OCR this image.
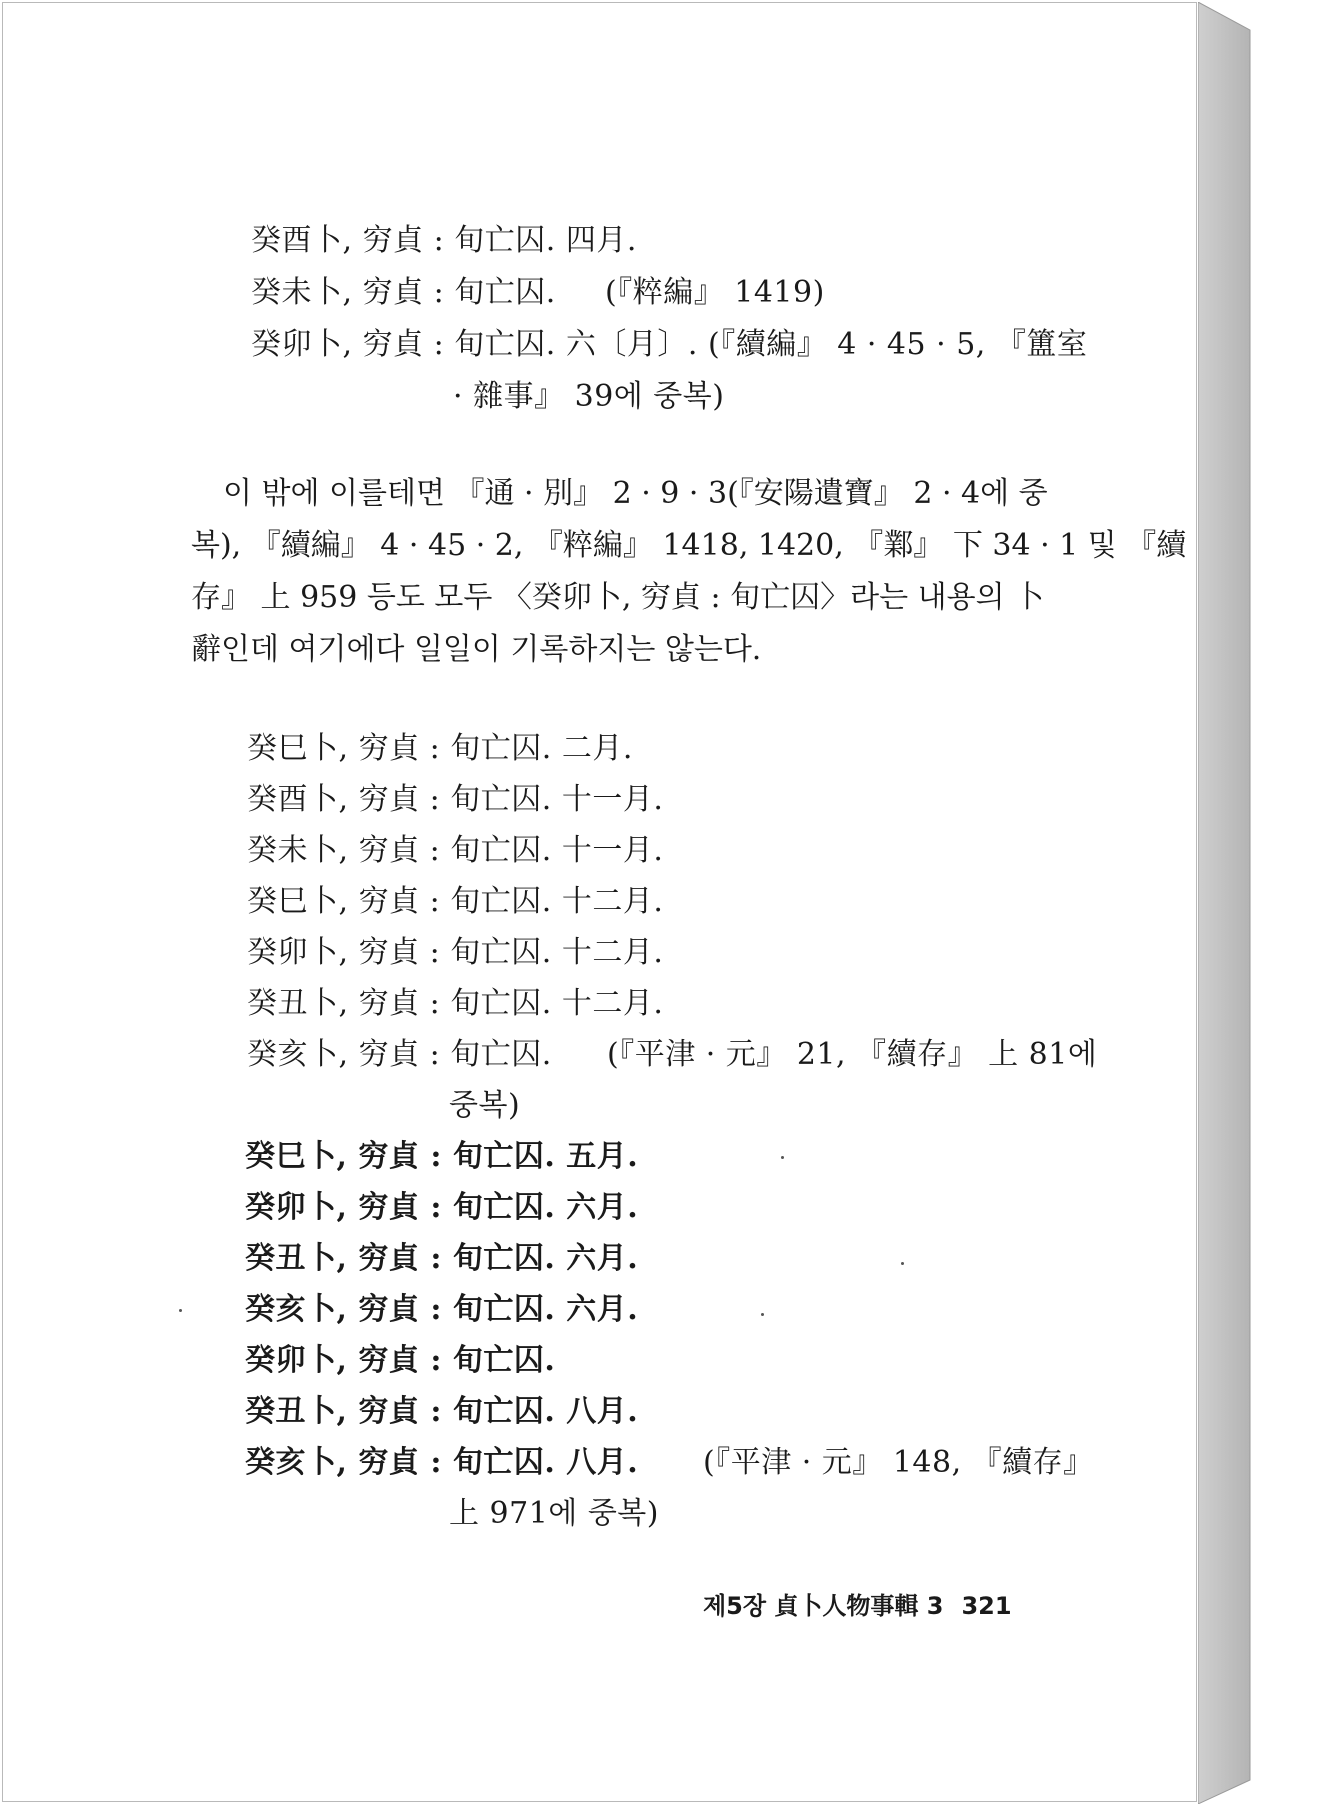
癸酉卜, 穷貞 : 旬亡囚. 四月.
癸未卜, 穷貞 : 旬亡囚. (『粹編』 1419)
癸卯卜, 穷貞 : 旬亡囚. 六〔月〕. (『續編』 4 · 45 · 5, 『簠室
· 雜事』 39에 중복)
이 밖에 이를테면 『通 · 別』 2 · 9 · 3(『安陽遺寶』 2 · 4에 중
복), 『續編』 4 · 45 · 2, 『粹編』 1418, 1420, 『鄴』 下 34 · 1 및 『續
存』 上 959 등도 모두 〈癸卯卜, 穷貞 : 旬亡囚〉라는 내용의 卜
辭인데 여기에다 일일이 기록하지는 않는다.
癸巳卜, 穷貞 : 旬亡囚. 二月.
癸酉卜, 穷貞 : 旬亡囚. 十一月.
癸未卜, 穷貞 : 旬亡囚. 十一月.
癸巳卜, 穷貞 : 旬亡囚. 十二月.
癸卯卜, 穷貞 : 旬亡囚. 十二月.
癸丑卜, 穷貞 : 旬亡囚. 十二月.
癸亥卜, 穷貞 : 旬亡囚. (『平津 · 元』 21, 『續存』 上 81에
중복)
癸巳卜, 穷貞 : 旬亡囚. 五月.
癸卯卜, 穷貞 : 旬亡囚. 六月.
癸丑卜, 穷貞 : 旬亡囚. 六月.
癸亥卜, 穷貞 : 旬亡囚. 六月.
癸卯卜, 穷貞 : 旬亡囚.
癸丑卜, 穷貞 : 旬亡囚. 八月.
癸亥卜, 穷貞 : 旬亡囚. 八月. (『平津 · 元』 148, 『續存』
上 971에 중복)
제5장 貞卜人物事輯 3 321
